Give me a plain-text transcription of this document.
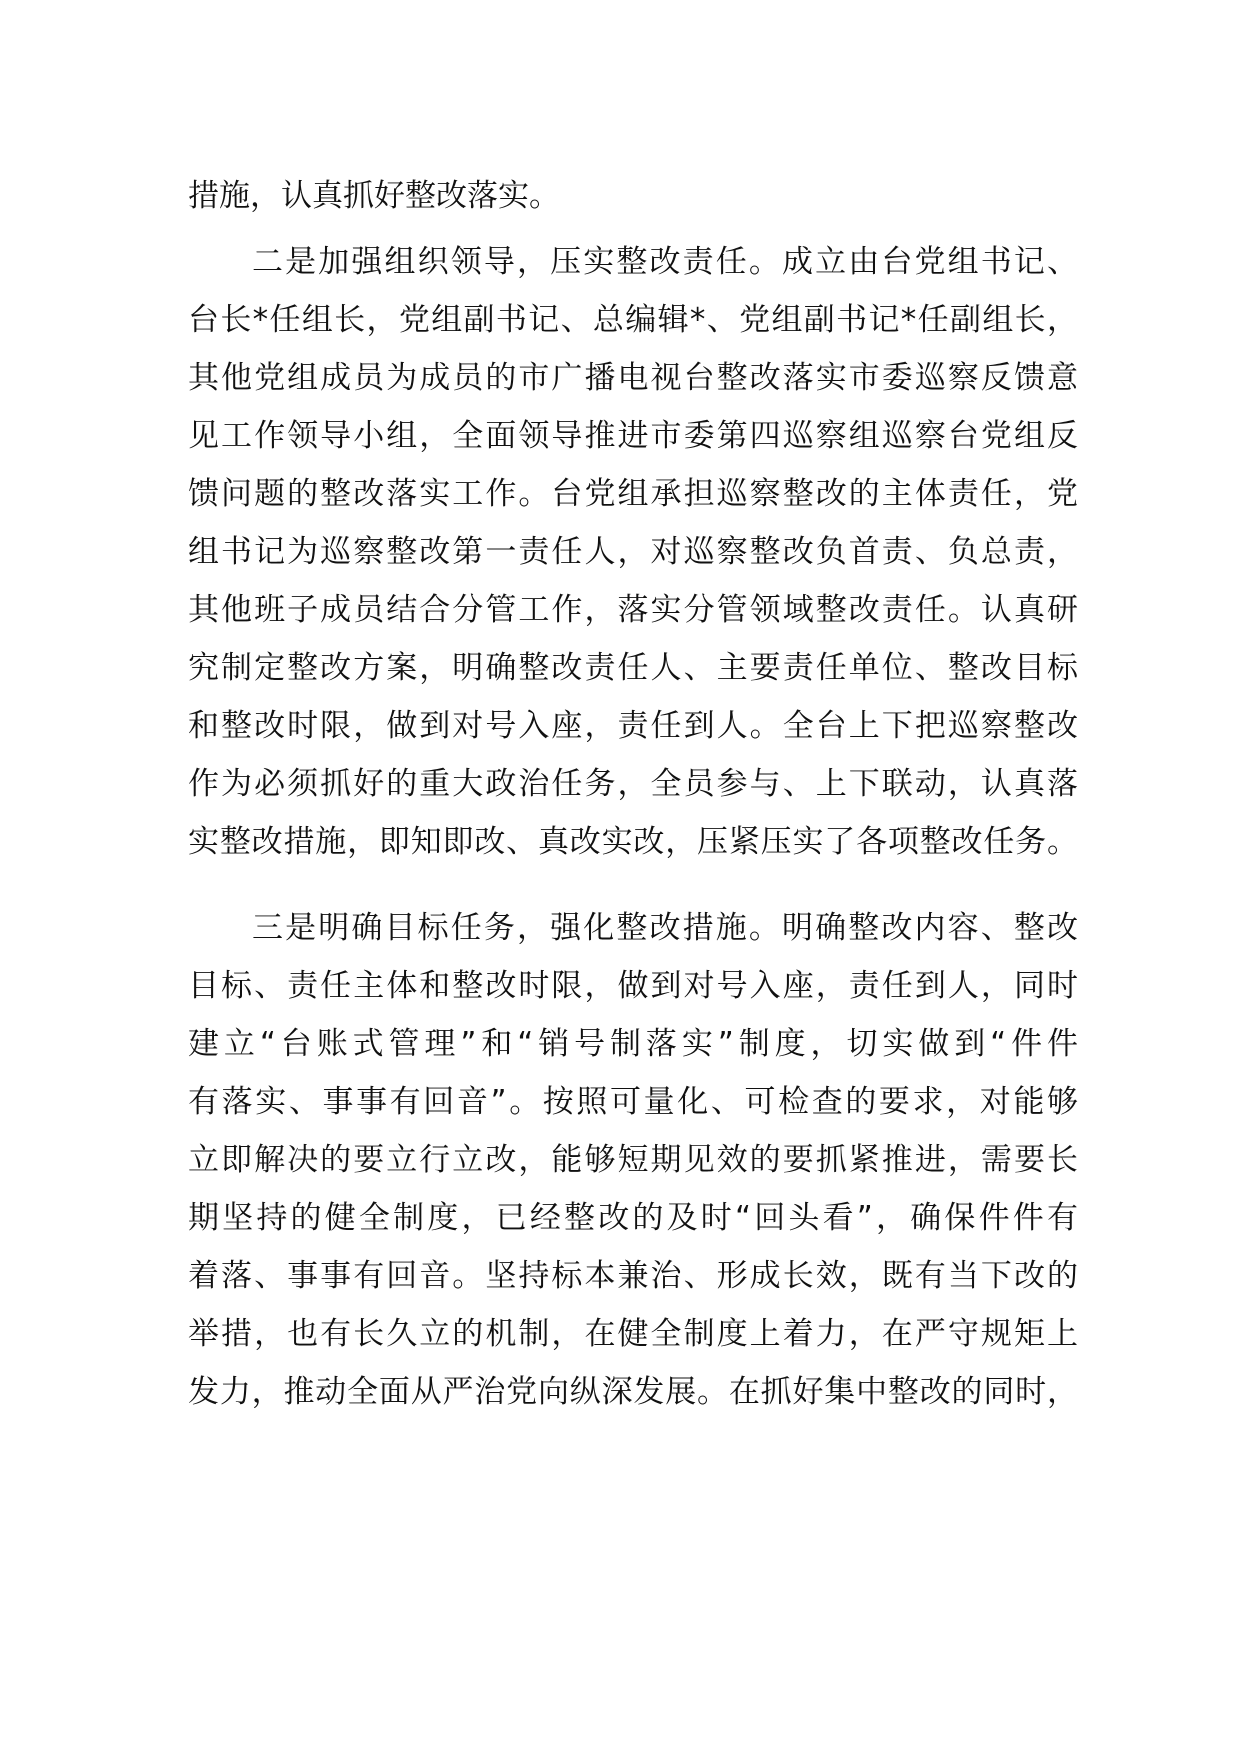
措施，认真抓好整改落实。
二是加强组织领导，压实整改责任。成立由台党组书记、
台长*任组长，党组副书记、总编辑*、党组副书记*任副组长，
其他党组成员为成员的市广播电视台整改落实市委巡察反馈意
见工作领导小组，全面领导推进市委第四巡察组巡察台党组反
馈问题的整改落实工作。台党组承担巡察整改的主体责任，党
组书记为巡察整改第一责任人，对巡察整改负首责、负总责，
其他班子成员结合分管工作，落实分管领域整改责任。认真研
究制定整改方案，明确整改责任人、主要责任单位、整改目标
和整改时限，做到对号入座，责任到人。全台上下把巡察整改
作为必须抓好的重大政治任务，全员参与、上下联动，认真落
实整改措施，即知即改、真改实改，压紧压实了各项整改任务。
三是明确目标任务，强化整改措施。明确整改内容、整改
目标、责任主体和整改时限，做到对号入座，责任到人，同时
建立“台账式管理”和“销号制落实”制度，切实做到“件件
有落实、事事有回音”。按照可量化、可检查的要求，对能够
立即解决的要立行立改，能够短期见效的要抓紧推进，需要长
期坚持的健全制度，已经整改的及时“回头看”，确保件件有
着落、事事有回音。坚持标本兼治、形成长效，既有当下改的
举措，也有长久立的机制，在健全制度上着力，在严守规矩上
发力，推动全面从严治党向纵深发展。在抓好集中整改的同时，
